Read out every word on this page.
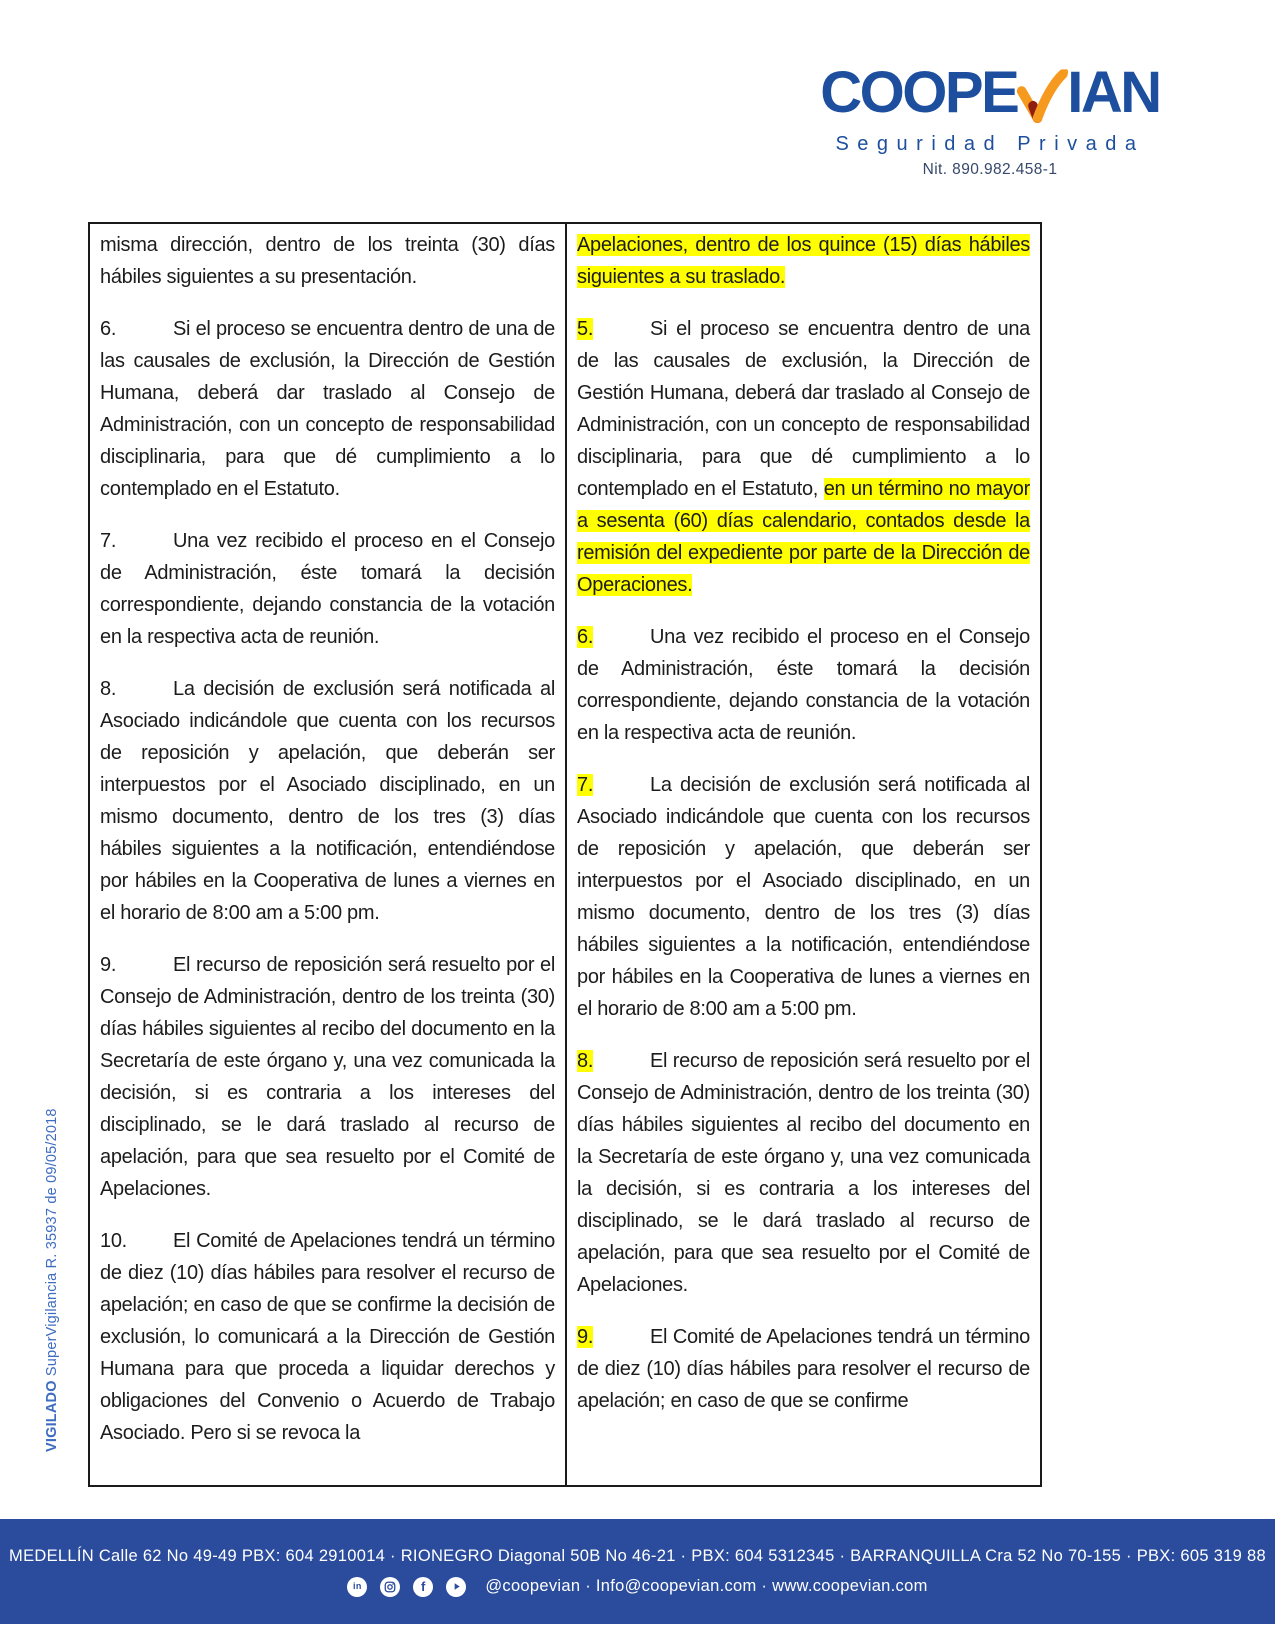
COOPE IAN
Seguridad Privada
Nit. 890.982.458-1
VIGILADO SuperVigilancia R. 35937 de 09/05/2018

misma dirección, dentro de los treinta (30) días hábiles siguientes a su presentación.

6.	Si el proceso se encuentra dentro de una de las causales de exclusión, la Dirección de Gestión Humana, deberá dar traslado al Consejo de Administración, con un concepto de responsabilidad disciplinaria, para que dé cumplimiento a lo contemplado en el Estatuto.

7.	Una vez recibido el proceso en el Consejo de Administración, éste tomará la decisión correspondiente, dejando constancia de la votación en la respectiva acta de reunión.

8.	La decisión de exclusión será notificada al Asociado indicándole que cuenta con los recursos de reposición y apelación, que deberán ser interpuestos por el Asociado disciplinado, en un mismo documento, dentro de los tres (3) días hábiles siguientes a la notificación, entendiéndose por hábiles en la Cooperativa de lunes a viernes en el horario de 8:00 am a 5:00 pm.

9.	El recurso de reposición será resuelto por el Consejo de Administración, dentro de los treinta (30) días hábiles siguientes al recibo del documento en la Secretaría de este órgano y, una vez comunicada la decisión, si es contraria a los intereses del disciplinado, se le dará traslado al recurso de apelación, para que sea resuelto por el Comité de Apelaciones.

10. El Comité de Apelaciones tendrá un término de diez (10) días hábiles para resolver el recurso de apelación; en caso de que se confirme la decisión de exclusión, lo comunicará a la Dirección de Gestión Humana para que proceda a liquidar derechos y obligaciones del Convenio o Acuerdo de Trabajo Asociado. Pero si se revoca la

Apelaciones, dentro de los quince (15) días hábiles siguientes a su traslado.

5.	Si el proceso se encuentra dentro de una de las causales de exclusión, la Dirección de Gestión Humana, deberá dar traslado al Consejo de Administración, con un concepto de responsabilidad disciplinaria, para que dé cumplimiento a lo contemplado en el Estatuto, en un término no mayor a sesenta (60) días calendario, contados desde la remisión del expediente por parte de la Dirección de Operaciones.

6.	Una vez recibido el proceso en el Consejo de Administración, éste tomará la decisión correspondiente, dejando constancia de la votación en la respectiva acta de reunión.

7.	La decisión de exclusión será notificada al Asociado indicándole que cuenta con los recursos de reposición y apelación, que deberán ser interpuestos por el Asociado disciplinado, en un mismo documento, dentro de los tres (3) días hábiles siguientes a la notificación, entendiéndose por hábiles en la Cooperativa de lunes a viernes en el horario de 8:00 am a 5:00 pm.

8.	El recurso de reposición será resuelto por el Consejo de Administración, dentro de los treinta (30) días hábiles siguientes al recibo del documento en la Secretaría de este órgano y, una vez comunicada la decisión, si es contraria a los intereses del disciplinado, se le dará traslado al recurso de apelación, para que sea resuelto por el Comité de Apelaciones.

9.	El Comité de Apelaciones tendrá un término de diez (10) días hábiles para resolver el recurso de apelación; en caso de que se confirme

MEDELLÍN Calle 62 No 49-49 PBX: 604 2910014 · RIONEGRO Diagonal 50B No 46-21 · PBX: 604 5312345 · BARRANQUILLA Cra 52 No 70-155 · PBX: 605 319 88
in	f	@coopevian · Info@coopevian.com · www.coopevian.com
